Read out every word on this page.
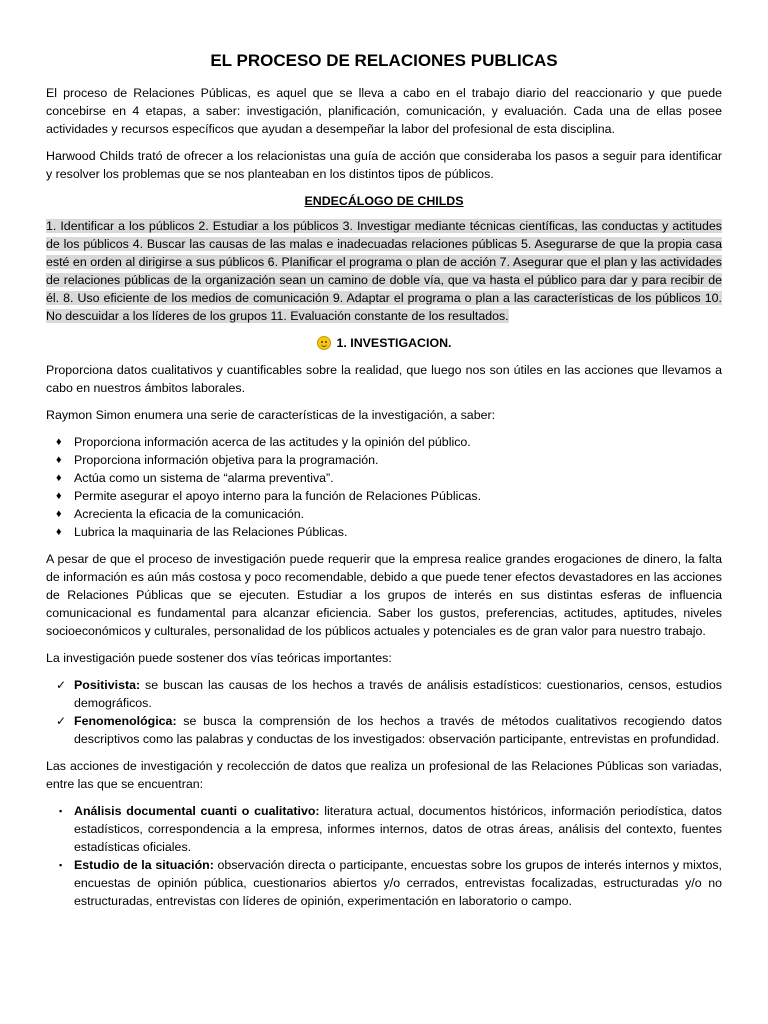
EL PROCESO DE RELACIONES PUBLICAS

El proceso de Relaciones Públicas, es aquel que se lleva a cabo en el trabajo diario del reaccionario y que puede concebirse en 4 etapas, a saber: investigación, planificación, comunicación, y evaluación. Cada una de ellas posee actividades y recursos específicos que ayudan a desempeñar la labor del profesional de esta disciplina.

Harwood Childs trató de ofrecer a los relacionistas una guía de acción que consideraba los pasos a seguir para identificar y resolver los problemas que se nos planteaban en los distintos tipos de públicos.

ENDECÁLOGO DE CHILDS

1. Identificar a los públicos 2. Estudiar a los públicos 3. Investigar mediante técnicas científicas, las conductas y actitudes de los públicos 4. Buscar las causas de las malas e inadecuadas relaciones públicas 5. Asegurarse de que la propia casa esté en orden al dirigirse a sus públicos 6. Planificar el programa o plan de acción 7. Asegurar que el plan y las actividades de relaciones públicas de la organización sean un camino de doble vía, que va hasta el público para dar y para recibir de él. 8. Uso eficiente de los medios de comunicación 9. Adaptar el programa o plan a las características de los públicos 10. No descuidar a los líderes de los grupos 11. Evaluación constante de los resultados.

1. INVESTIGACION.

Proporciona datos cualitativos y cuantificables sobre la realidad, que luego nos son útiles en las acciones que llevamos a cabo en nuestros ámbitos laborales.

Raymon Simon enumera una serie de características de la investigación, a saber:

♦ Proporciona información acerca de las actitudes y la opinión del público.
♦ Proporciona información objetiva para la programación.
♦ Actúa como un sistema de “alarma preventiva”.
♦ Permite asegurar el apoyo interno para la función de Relaciones Públicas.
♦ Acrecienta la eficacia de la comunicación.
♦ Lubrica la maquinaria de las Relaciones Públicas.

A pesar de que el proceso de investigación puede requerir que la empresa realice grandes erogaciones de dinero, la falta de información es aún más costosa y poco recomendable, debido a que puede tener efectos devastadores en las acciones de Relaciones Públicas que se ejecuten. Estudiar a los grupos de interés en sus distintas esferas de influencia comunicacional es fundamental para alcanzar eficiencia. Saber los gustos, preferencias, actitudes, aptitudes, niveles socioeconómicos y culturales, personalidad de los públicos actuales y potenciales es de gran valor para nuestro trabajo.

La investigación puede sostener dos vías teóricas importantes:

✓ Positivista: se buscan las causas de los hechos a través de análisis estadísticos: cuestionarios, censos, estudios demográficos.
✓ Fenomenológica: se busca la comprensión de los hechos a través de métodos cualitativos recogiendo datos descriptivos como las palabras y conductas de los investigados: observación participante, entrevistas en profundidad.

Las acciones de investigación y recolección de datos que realiza un profesional de las Relaciones Públicas son variadas, entre las que se encuentran:

▪ Análisis documental cuanti o cualitativo: literatura actual, documentos históricos, información periodística, datos estadísticos, correspondencia a la empresa, informes internos, datos de otras áreas, análisis del contexto, fuentes estadísticas oficiales.
▪ Estudio de la situación: observación directa o participante, encuestas sobre los grupos de interés internos y mixtos, encuestas de opinión pública, cuestionarios abiertos y/o cerrados, entrevistas focalizadas, estructuradas y/o no estructuradas, entrevistas con líderes de opinión, experimentación en laboratorio o campo.
